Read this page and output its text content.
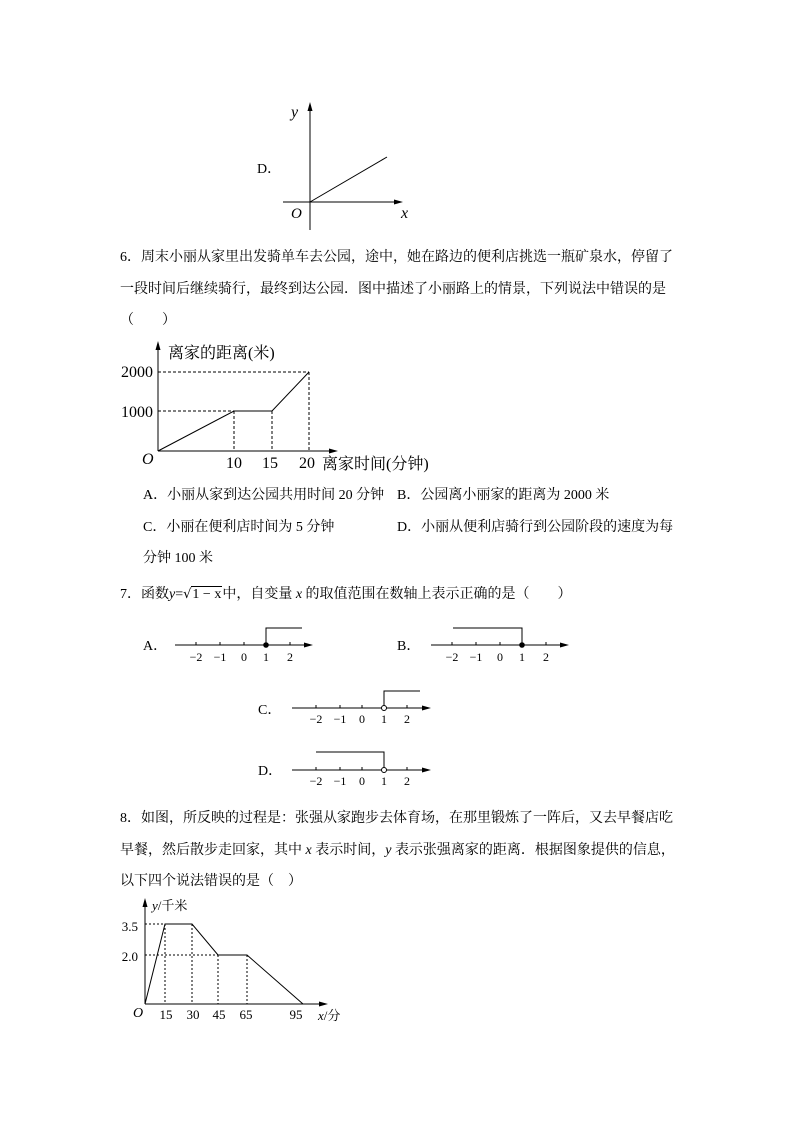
D．
6．周末小丽从家里出发骑单车去公园，途中，她在路边的便利店挑选一瓶矿泉水，停留了
一段时间后继续骑行，最终到达公园．图中描述了小丽路上的情景，下列说法中错误的是
（　　）
A．小丽从家到达公园共用时间 20 分钟 B．公园离小丽家的距离为 2000 米
C．小丽在便利店时间为 5 分钟	D．小丽从便利店骑行到公园阶段的速度为每
分钟 100 米
7．函数y=√1 − x中，自变量 x 的取值范围在数轴上表示正确的是（　　）
A．	B．
C．
D．
8．如图，所反映的过程是：张强从家跑步去体育场，在那里锻炼了一阵后，又去早餐店吃
早餐，然后散步走回家，其中 x 表示时间，y 表示张强离家的距离．根据图象提供的信息，
以下四个说法错误的是（　）
y
O	x
离家的距离(米)
2000
1000
O	10 15 20 离家时间(分钟)
−2 −1 0 1 2	−2 −1 0 1 2
−2 −1 0 1 2
−2 −1 0 1 2
y/千米
3.5
2.0
O 15 30 45 65	95 x/分
